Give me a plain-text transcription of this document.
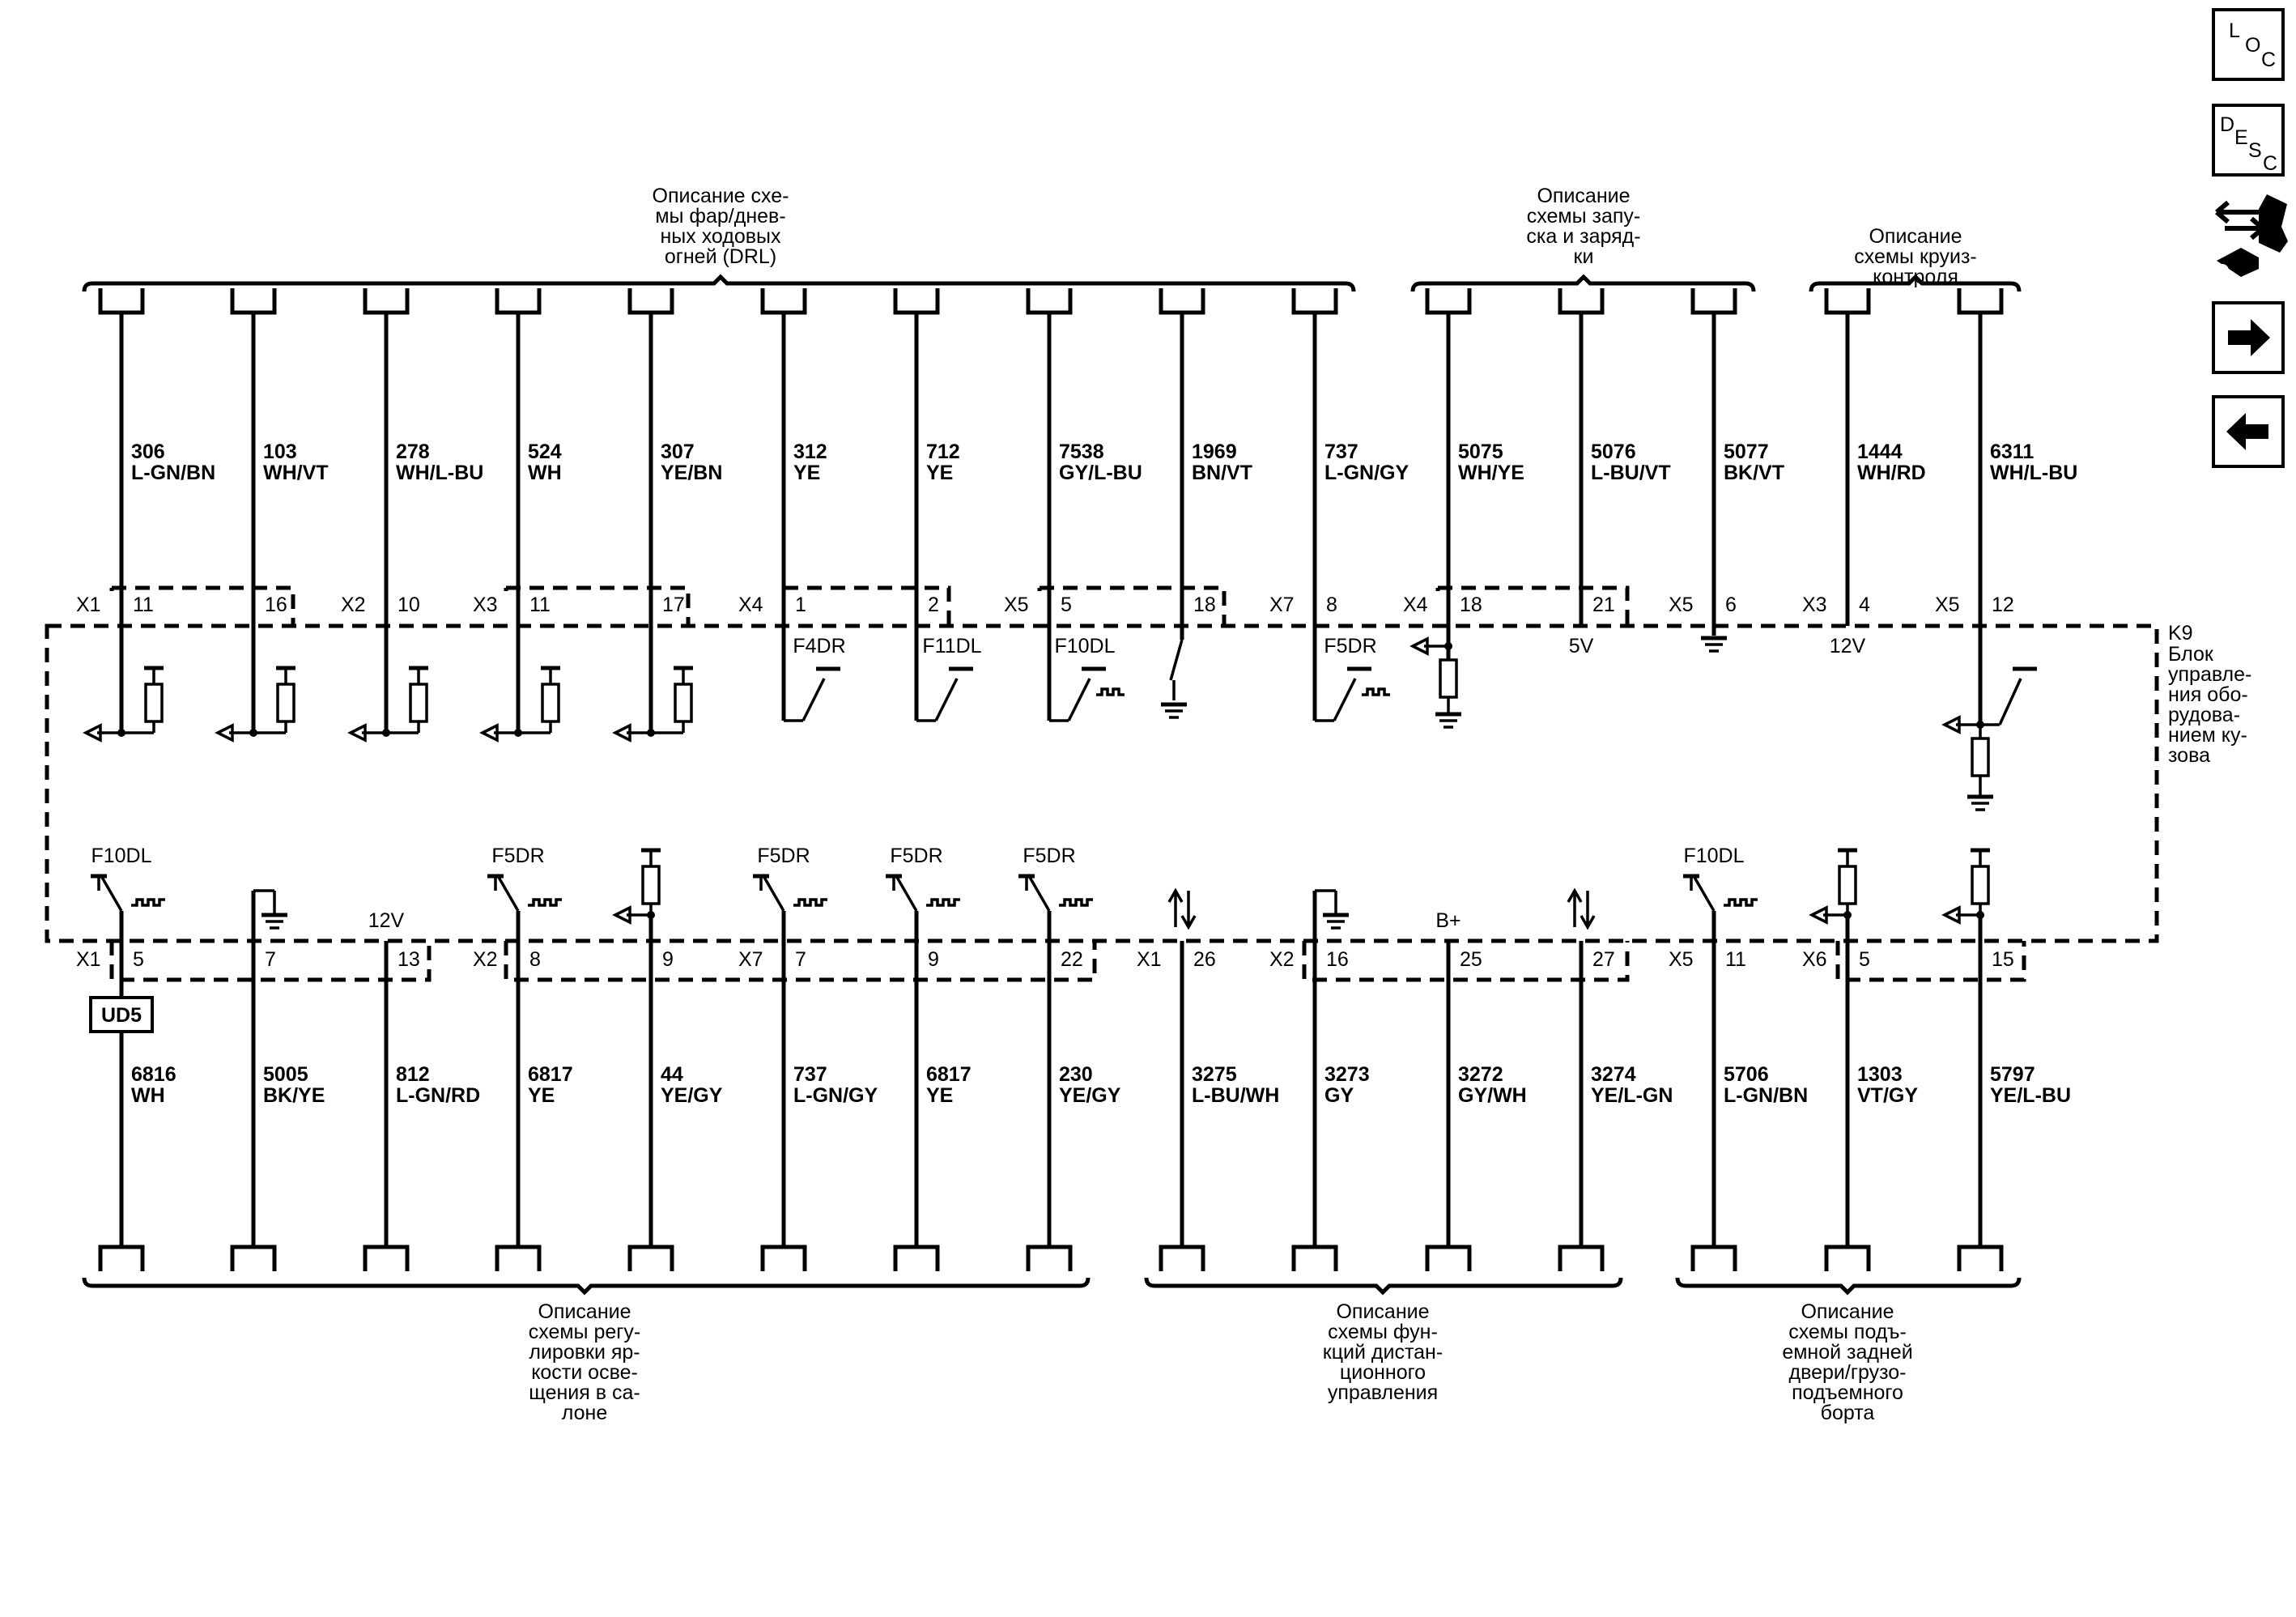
306
L-GN/BN
11
X1
103
WH/VT
16
278
WH/L-BU
10
X2
524
WH
11
X3
307
YE/BN
17
312
YE
1
X4
F4DR
712
YE
2
F11DL
7538
GY/L-BU
5
X5
F10DL
1969
BN/VT
18
737
L-GN/GY
8
X7
F5DR
5075
WH/YE
18
X4
5076
L-BU/VT
21
5V
5077
BK/VT
6
X5
1444
WH/RD
4
X3
12V
6311
WH/L-BU
12
X5
6816
WH
5
X1
F10DL
UD5
5005
BK/YE
7
812
L-GN/RD
13
12V
6817
YE
8
X2
F5DR
44
YE/GY
9
737
L-GN/GY
7
X7
F5DR
6817
YE
9
F5DR
230
YE/GY
22
F5DR
3275
L-BU/WH
26
X1
3273
GY
16
X2
3272
GY/WH
25
B+
3274
YE/L-GN
27
5706
L-GN/BN
11
X5
F10DL
1303
VT/GY
5
X6
5797
YE/L-BU
15
Описание схе-
мы фар/днев-
ных ходовых
огней (DRL)
Описание
схемы запу-
ска и заряд-
ки
Описание
схемы круиз-
контроля
Описание
схемы регу-
лировки яр-
кости осве-
щения в са-
лоне
Описание
схемы фун-
кций дистан-
ционного
управления
Описание
схемы подъ-
емной задней
двери/грузо-
подъемного
борта
K9
Блок
управле-
ния обо-
рудова-
нием ку-
зова
L
O
C
D
E
S
C
